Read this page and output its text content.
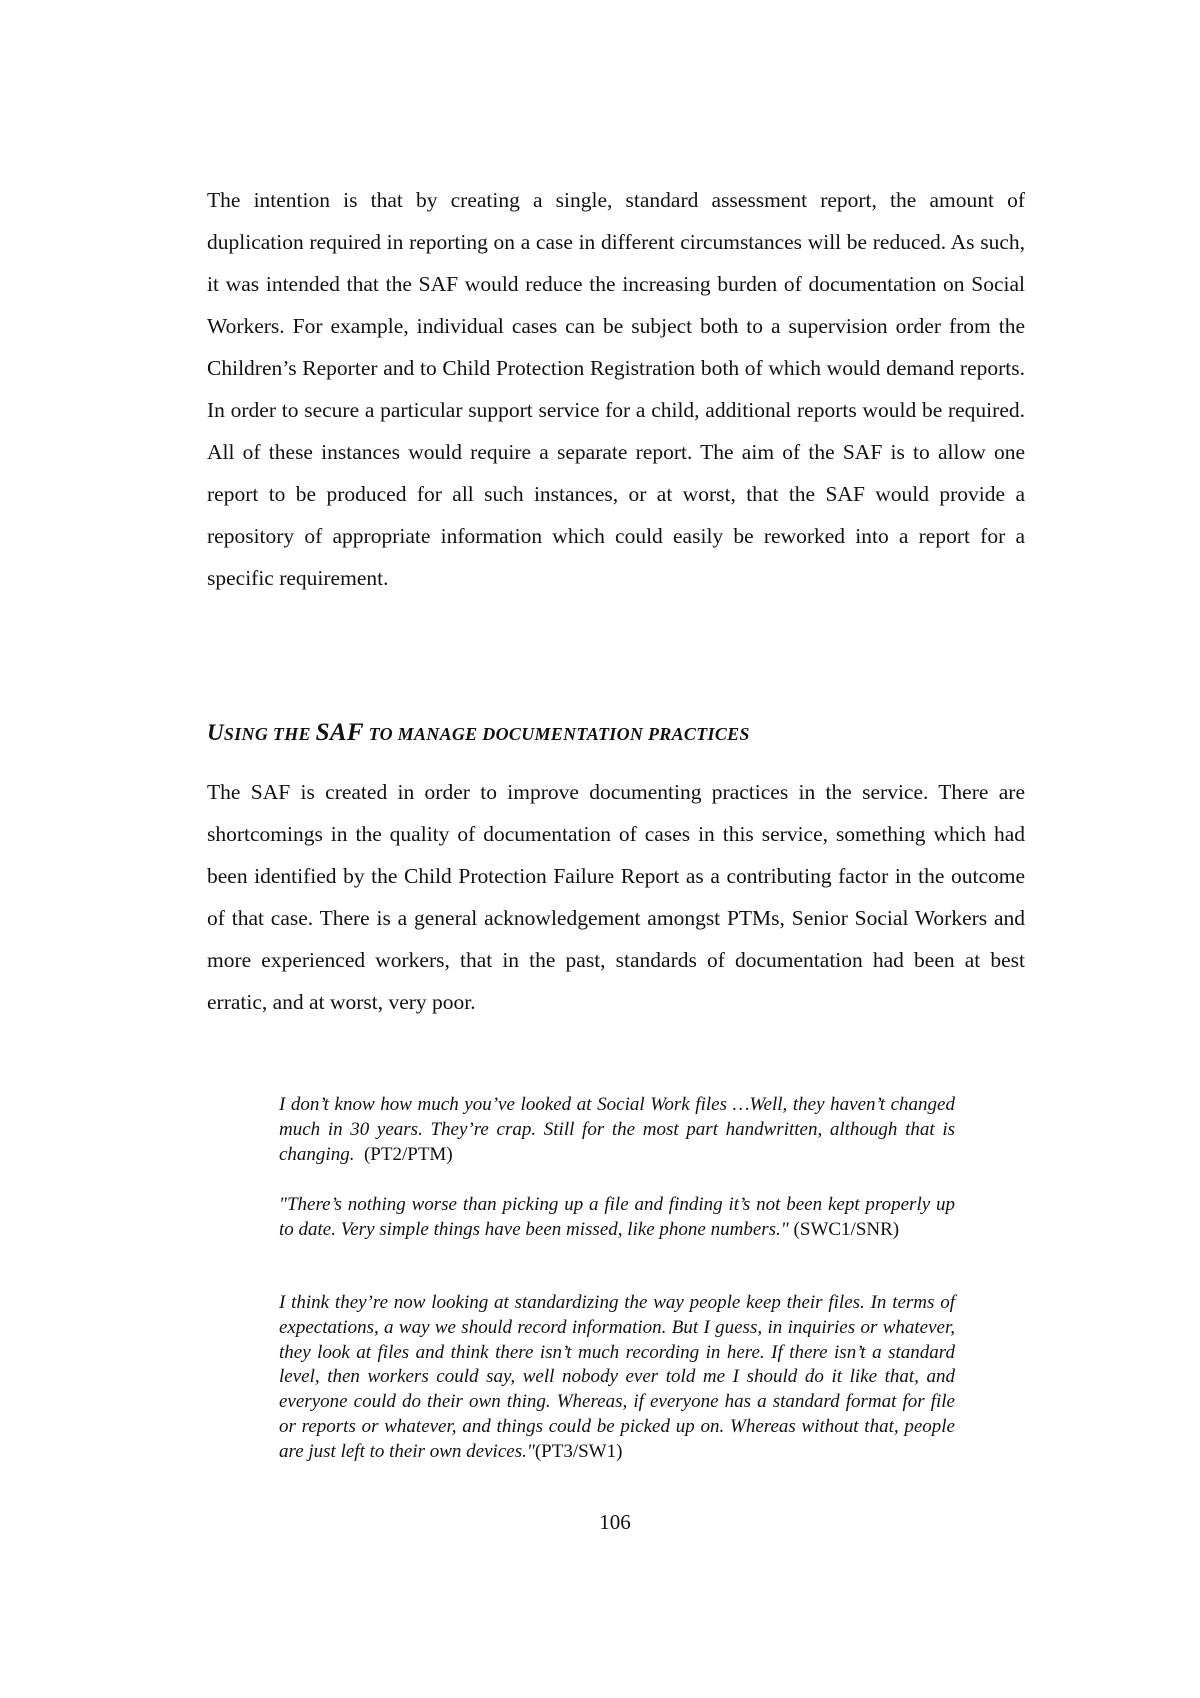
The intention is that by creating a single, standard assessment report, the amount of duplication required in reporting on a case in different circumstances will be reduced. As such, it was intended that the SAF would reduce the increasing burden of documentation on Social Workers. For example, individual cases can be subject both to a supervision order from the Children’s Reporter and to Child Protection Registration both of which would demand reports. In order to secure a particular support service for a child, additional reports would be required. All of these instances would require a separate report. The aim of the SAF is to allow one report to be produced for all such instances, or at worst, that the SAF would provide a repository of appropriate information which could easily be reworked into a report for a specific requirement.

USING THE SAF TO MANAGE DOCUMENTATION PRACTICES

The SAF is created in order to improve documenting practices in the service. There are shortcomings in the quality of documentation of cases in this service, something which had been identified by the Child Protection Failure Report as a contributing factor in the outcome of that case. There is a general acknowledgement amongst PTMs, Senior Social Workers and more experienced workers, that in the past, standards of documentation had been at best erratic, and at worst, very poor.

I don’t know how much you’ve looked at Social Work files …Well, they haven’t changed much in 30 years. They’re crap. Still for the most part handwritten, although that is changing. (PT2/PTM)

"There’s nothing worse than picking up a file and finding it’s not been kept properly up to date. Very simple things have been missed, like phone numbers." (SWC1/SNR)

I think they’re now looking at standardizing the way people keep their files. In terms of expectations, a way we should record information. But I guess, in inquiries or whatever, they look at files and think there isn’t much recording in here. If there isn’t a standard level, then workers could say, well nobody ever told me I should do it like that, and everyone could do their own thing. Whereas, if everyone has a standard format for file or reports or whatever, and things could be picked up on. Whereas without that, people are just left to their own devices."(PT3/SW1)

106
